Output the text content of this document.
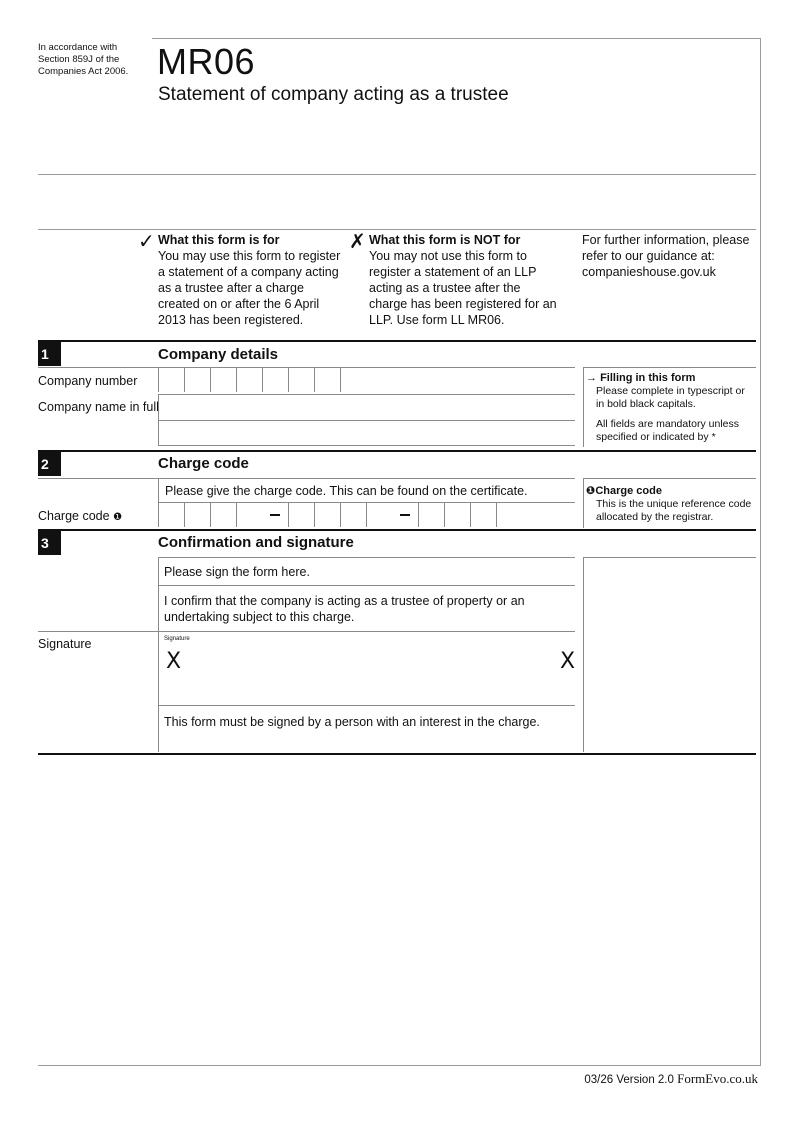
In accordance with Section 859J of the Companies Act 2006. MR06
Statement of company acting as a trustee
✓ What this form is for
You may use this form to register a statement of a company acting as a trustee after a charge created on or after the 6 April 2013 has been registered.
✗ What this form is NOT for
You may not use this form to register a statement of an LLP acting as a trustee after the charge has been registered for an LLP. Use form LL MR06.
For further information, please refer to our guidance at: companieshouse.gov.uk
1	Company details
Company number
Company name in full
→ Filling in this form
Please complete in typescript or in bold black capitals.
All fields are mandatory unless specified or indicated by *
2	Charge code
Please give the charge code. This can be found on the certificate.
Charge code ❶
❶Charge code
This is the unique reference code allocated by the registrar.
3	Confirmation and signature
Please sign the form here.
I confirm that the company is acting as a trustee of property or an undertaking subject to this charge.
Signature	Signature
X	X
This form must be signed by a person with an interest in the charge.
03/26 Version 2.0 FormEvo.co.uk
